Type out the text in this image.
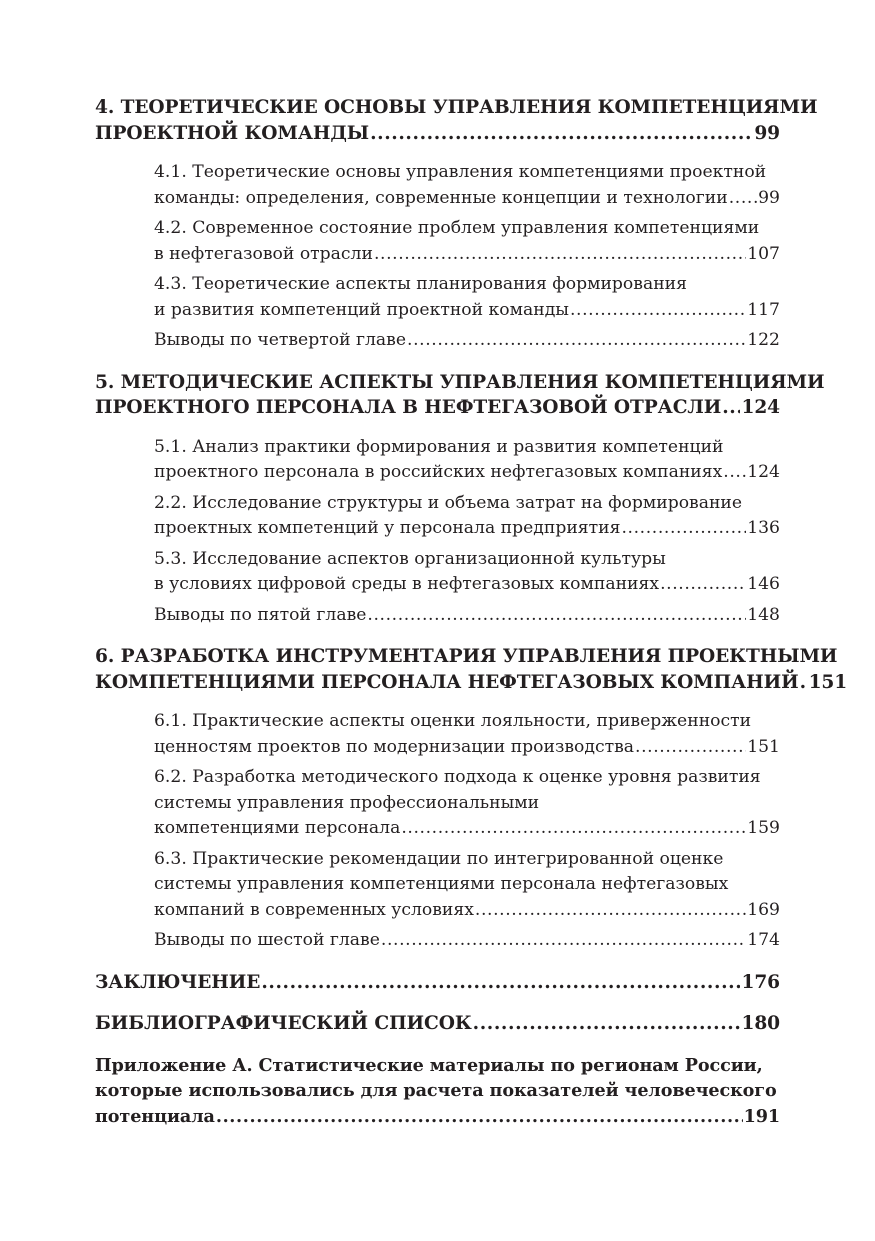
4. ТЕОРЕТИЧЕСКИЕ ОСНОВЫ УПРАВЛЕНИЯ КОМПЕТЕНЦИЯМИ
ПРОЕКТНОЙ КОМАНДЫ .....	99
4.1. Теоретические основы управления компетенциями проектной
команды: определения, современные концепции и технологии ..... 99
4.2. Современное состояние проблем управления компетенциями
в нефтегазовой отрасли .....	107
4.3. Теоретические аспекты планирования формирования
и развития компетенций проектной команды .....	117
Выводы по четвертой главе .....	122
5. МЕТОДИЧЕСКИЕ АСПЕКТЫ УПРАВЛЕНИЯ КОМПЕТЕНЦИЯМИ
ПРОЕКТНОГО ПЕРСОНАЛА В НЕФТЕГАЗОВОЙ ОТРАСЛИ ..... 124
5.1. Анализ практики формирования и развития компетенций
проектного персонала в российских нефтегазовых компаниях ..... 124
2.2. Исследование структуры и объема затрат на формирование
проектных компетенций у персонала предприятия .....	136
5.3. Исследование аспектов организационной культуры
в условиях цифровой среды в нефтегазовых компаниях .....	146
Выводы по пятой главе .....	148
6. РАЗРАБОТКА ИНСТРУМЕНТАРИЯ УПРАВЛЕНИЯ ПРОЕКТНЫМИ
КОМПЕТЕНЦИЯМИ ПЕРСОНАЛА НЕФТЕГАЗОВЫХ КОМПАНИЙ ..... 151
6.1. Практические аспекты оценки лояльности, приверженности
ценностям проектов по модернизации производства .....	151
6.2. Разработка методического подхода к оценке уровня развития
системы управления профессиональными
компетенциями персонала .....	159
6.3. Практические рекомендации по интегрированной оценке
системы управления компетенциями персонала нефтегазовых
компаний в современных условиях .....	169
Выводы по шестой главе .....	174
ЗАКЛЮЧЕНИЕ .....	176
БИБЛИОГРАФИЧЕСКИЙ СПИСОК .....	180
Приложение А. Статистические материалы по регионам России,
которые использовались для расчета показателей человеческого
потенциала .....	191
